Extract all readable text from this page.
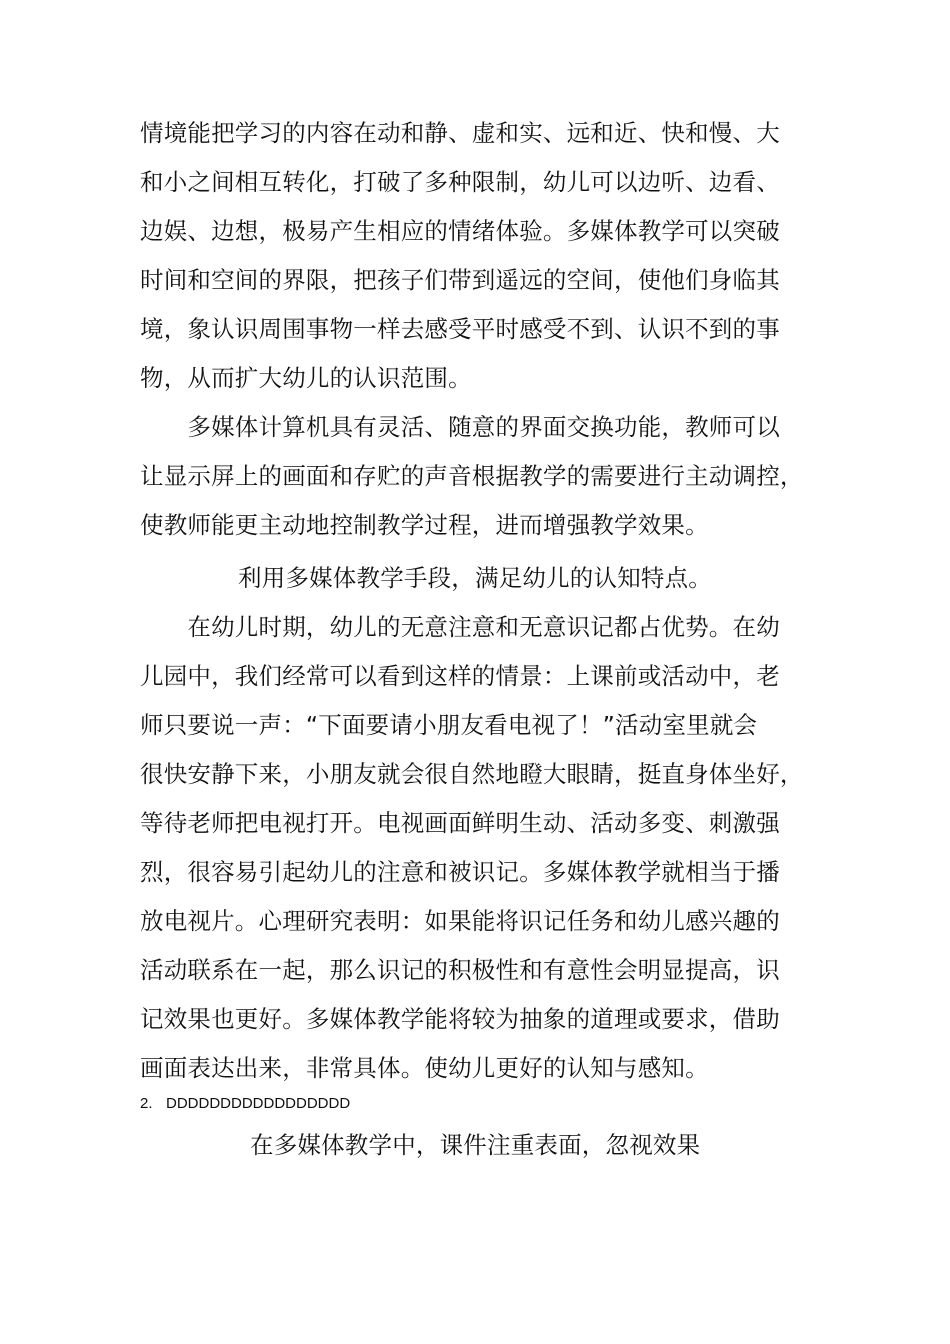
情境能把学习的内容在动和静、虚和实、远和近、快和慢、大
和小之间相互转化，打破了多种限制，幼儿可以边听、边看、
边娱、边想，极易产生相应的情绪体验。多媒体教学可以突破
时间和空间的界限，把孩子们带到遥远的空间，使他们身临其
境，象认识周围事物一样去感受平时感受不到、认识不到的事
物，从而扩大幼儿的认识范围。
　　多媒体计算机具有灵活、随意的界面交换功能，教师可以
让显示屏上的画面和存贮的声音根据教学的需要进行主动调控，
使教师能更主动地控制教学过程，进而增强教学效果。
利用多媒体教学手段，满足幼儿的认知特点。
　　在幼儿时期，幼儿的无意注意和无意识记都占优势。在幼
儿园中，我们经常可以看到这样的情景：上课前或活动中，老
师只要说一声：“下面要请小朋友看电视了！”活动室里就会
很快安静下来，小朋友就会很自然地瞪大眼睛，挺直身体坐好，
等待老师把电视打开。电视画面鲜明生动、活动多变、刺激强
烈，很容易引起幼儿的注意和被识记。多媒体教学就相当于播
放电视片。心理研究表明：如果能将识记任务和幼儿感兴趣的
活动联系在一起，那么识记的积极性和有意性会明显提高，识
记效果也更好。多媒体教学能将较为抽象的道理或要求，借助
画面表达出来，非常具体。使幼儿更好的认知与感知。
2. DDDDDDDDDDDDDDDDD
在多媒体教学中，课件注重表面，忽视效果
